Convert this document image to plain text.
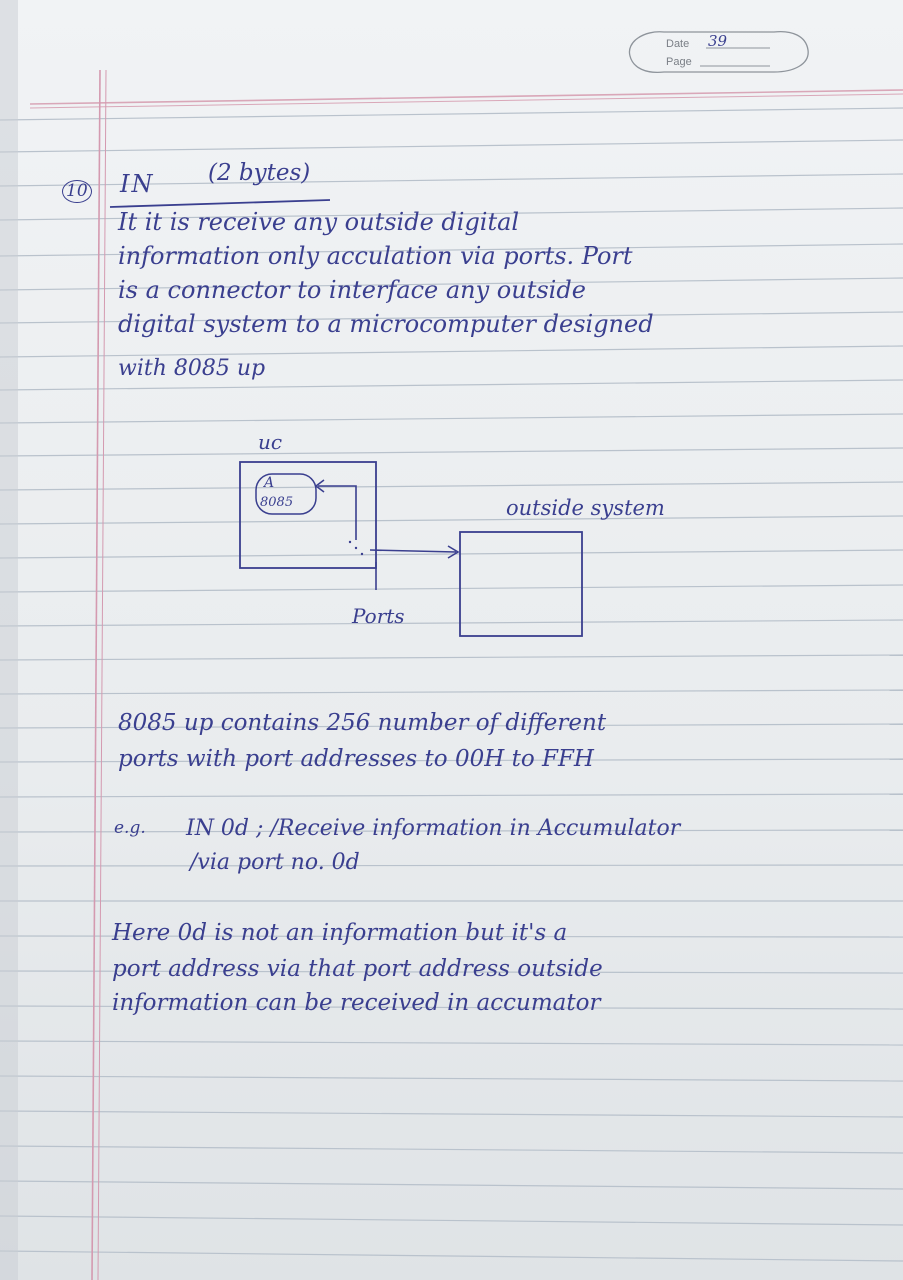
Date 39
Page
10 IN (2 bytes)
It it is receive any outside digital
information only acculation via ports. Port
is a connector to interface any outside
digital system to a microcomputer designed
with 8085 up
uc
A
8085	outside system
Ports
8085 up contains 256 number of different
ports with port addresses to 00H to FFH
e.g. IN 0d ; /Receive information in Accumulator
/via port no. 0d
Here 0d is not an information but it's a
port address via that port address outside
information can be received in accumator
